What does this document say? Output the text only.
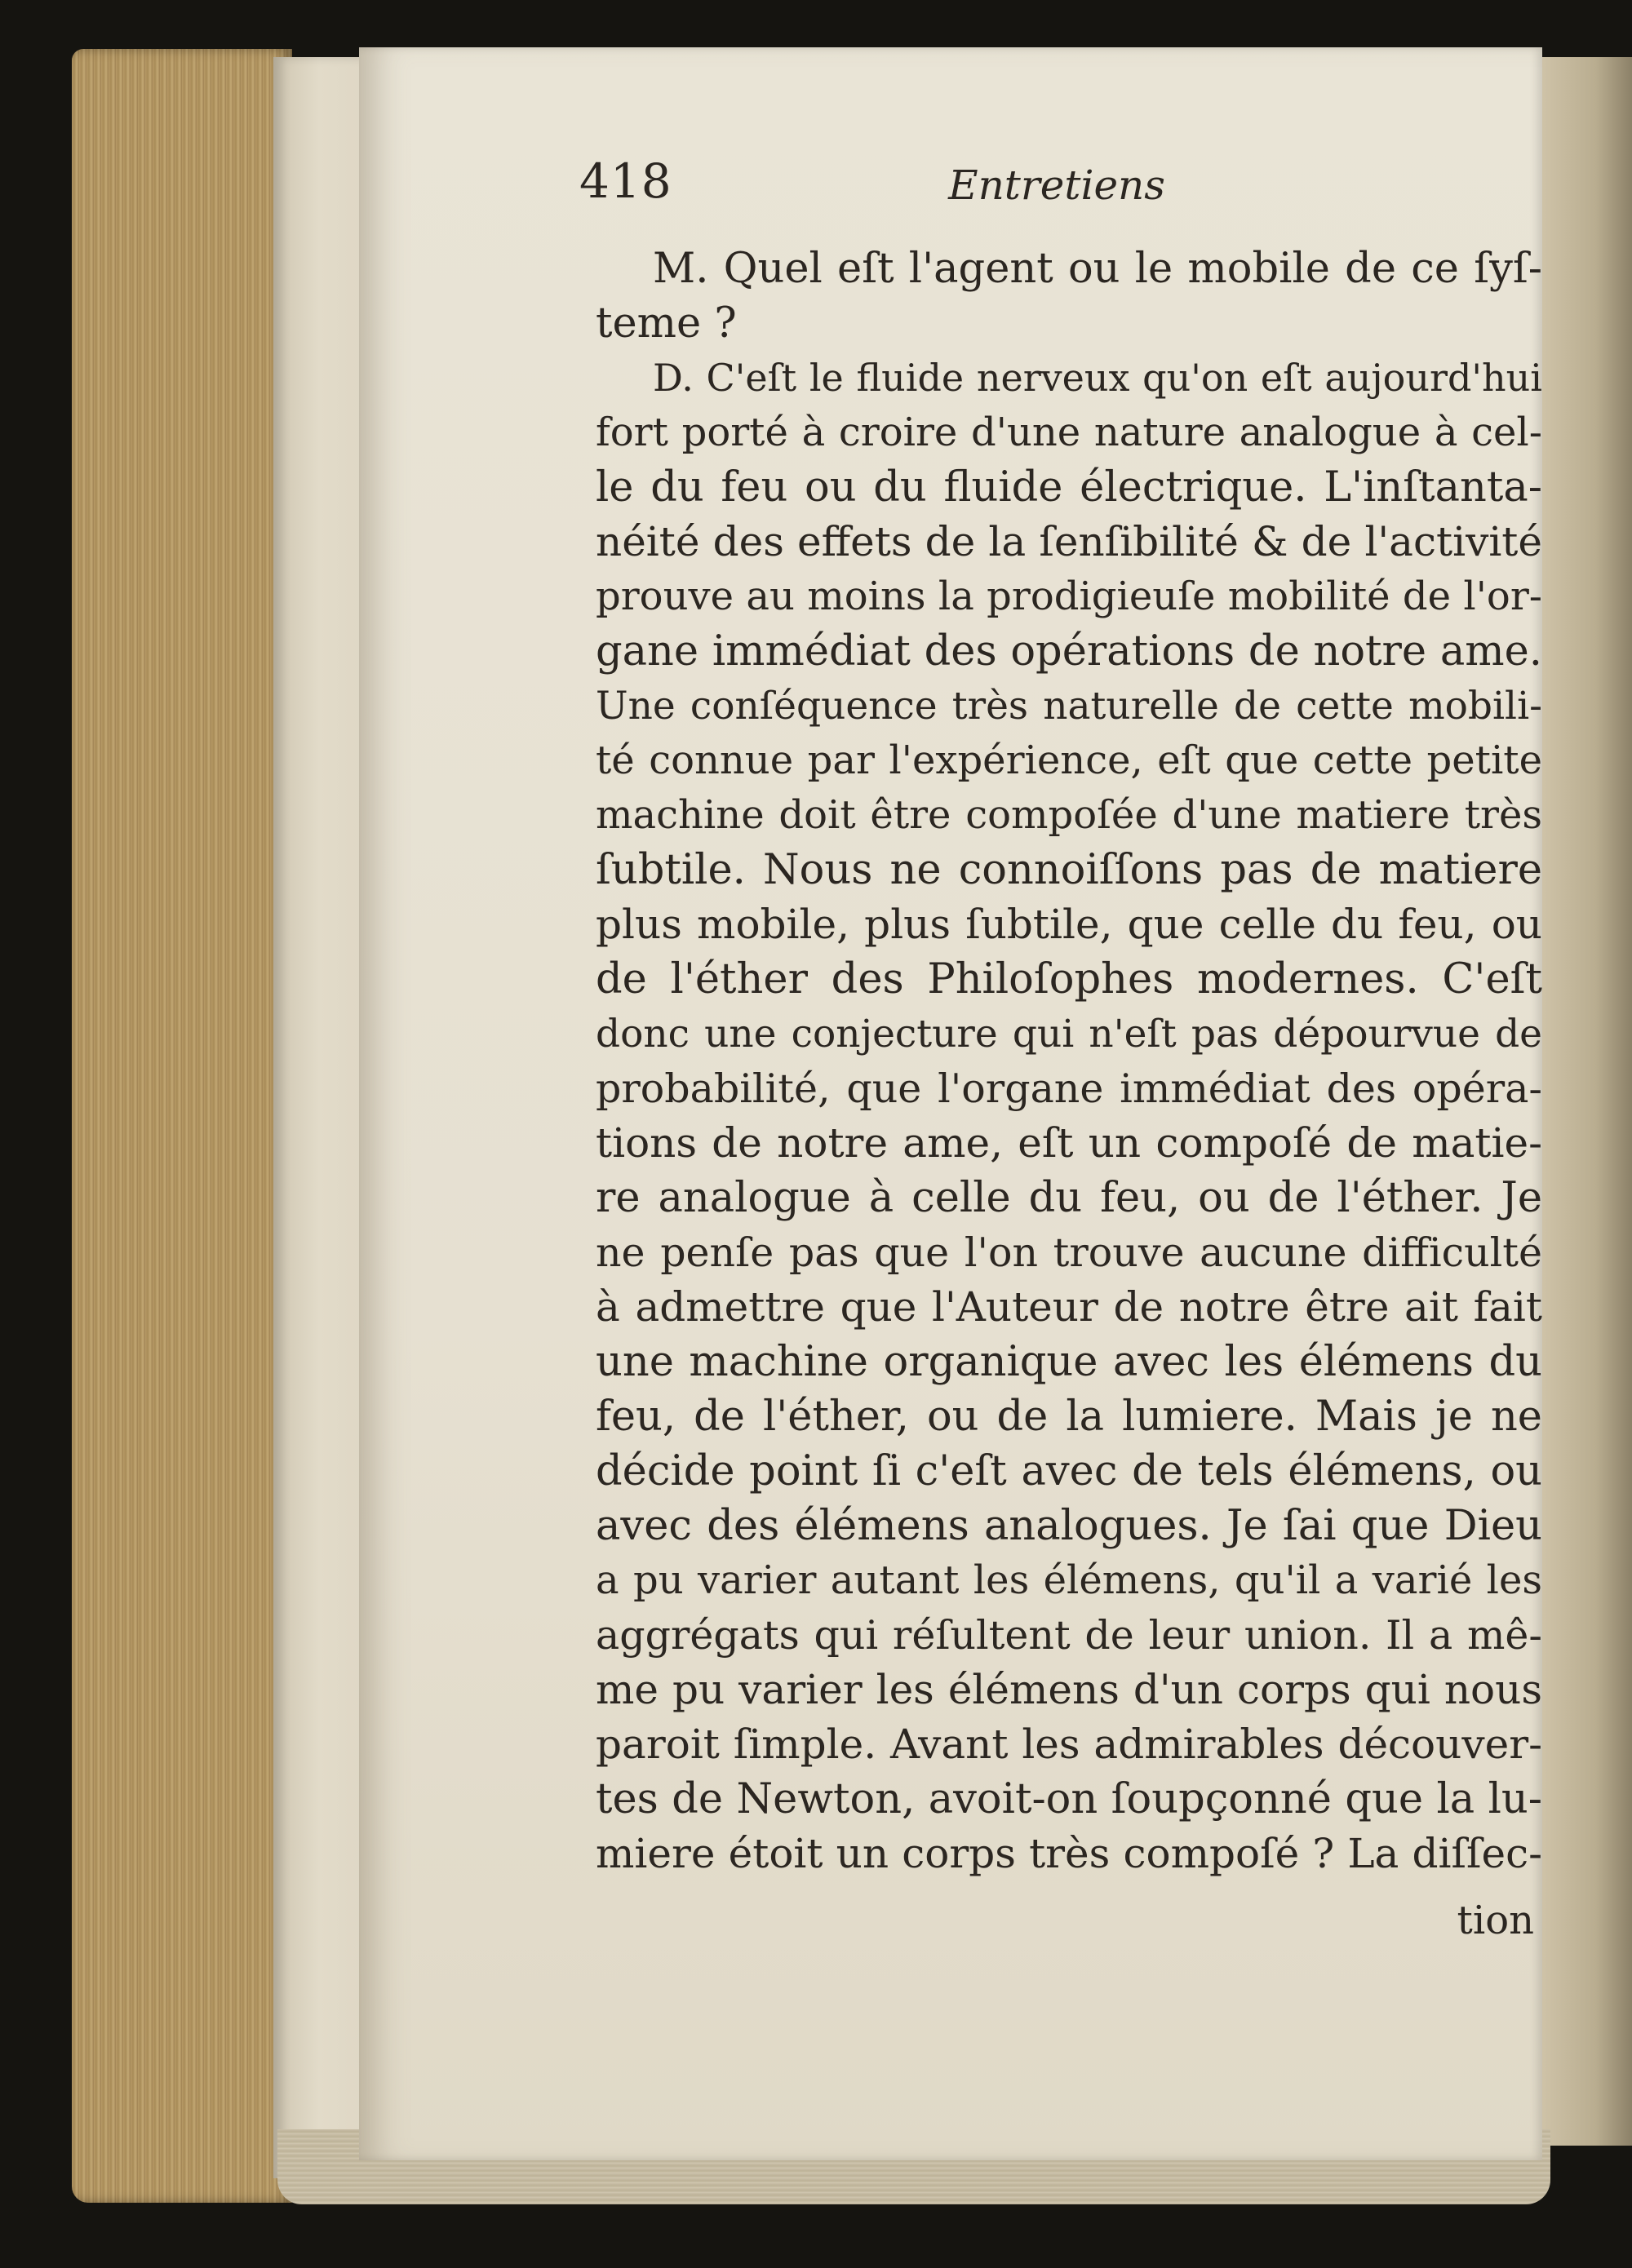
418	Entretiens
M. Quel eſt l'agent ou le mobile de ce ſyſ-
teme ?
D. C'eſt le fluide nerveux qu'on eſt aujourd'hui
fort porté à croire d'une nature analogue à cel-
le du feu ou du fluide électrique. L'inſtanta-
néité des effets de la ſenſibilité & de l'activité
prouve au moins la prodigieuſe mobilité de l'or-
gane immédiat des opérations de notre ame.
Une conſéquence très naturelle de cette mobili-
té connue par l'expérience, eſt que cette petite
machine doit être compoſée d'une matiere très
ſubtile. Nous ne connoiſſons pas de matiere
plus mobile, plus ſubtile, que celle du feu, ou
de l'éther des Philoſophes modernes. C'eſt
donc une conjecture qui n'eſt pas dépourvue de
probabilité, que l'organe immédiat des opéra-
tions de notre ame, eſt un compoſé de matie-
re analogue à celle du feu, ou de l'éther. Je
ne penſe pas que l'on trouve aucune difficulté
à admettre que l'Auteur de notre être ait fait
une machine organique avec les élémens du
feu, de l'éther, ou de la lumiere. Mais je ne
décide point ſi c'eſt avec de tels élémens, ou
avec des élémens analogues. Je ſai que Dieu
a pu varier autant les élémens, qu'il a varié les
aggrégats qui réſultent de leur union. Il a mê-
me pu varier les élémens d'un corps qui nous
paroit ſimple. Avant les admirables découver-
tes de Newton, avoit-on ſoupçonné que la lu-
miere étoit un corps très compoſé ? La diſſec-
tion
